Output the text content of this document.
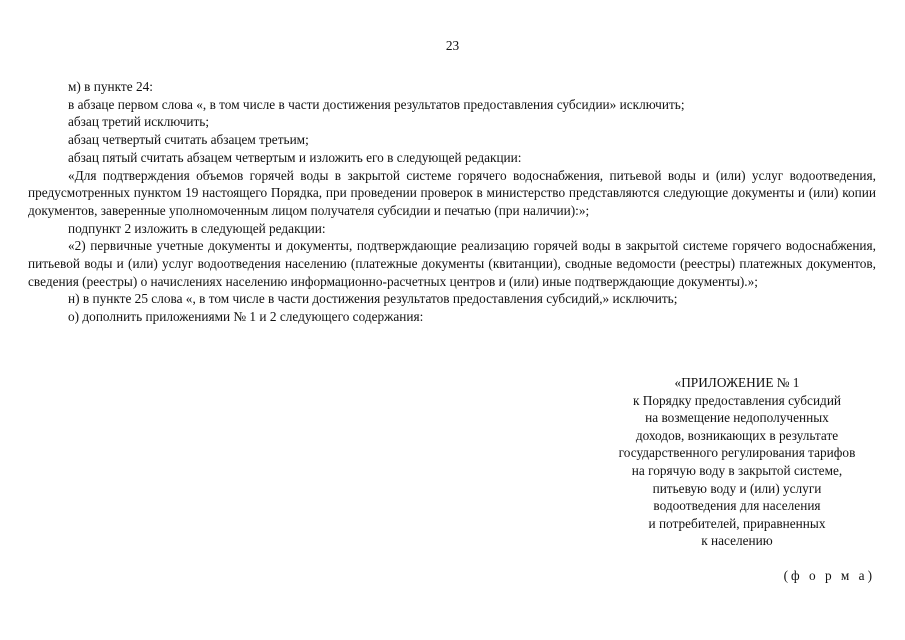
23

м) в пункте 24:

в абзаце первом слова «, в том числе в части достижения результатов предоставления субсидии» исключить;

абзац третий исключить;

абзац четвертый считать абзацем третьим;

абзац пятый считать абзацем четвертым и изложить его в следующей редакции:

«Для подтверждения объемов горячей воды в закрытой системе горячего водоснабжения, питьевой воды и (или) услуг водоотведения, предусмотренных пунктом 19 настоящего Порядка, при проведении проверок в министерство представляются следующие документы и (или) копии документов, заверенные уполномоченным лицом получателя субсидии и печатью (при наличии):»;

подпункт 2 изложить в следующей редакции:

«2) первичные учетные документы и документы, подтверждающие реализацию горячей воды в закрытой системе горячего водоснабжения, питьевой воды и (или) услуг водоотведения населению (платежные документы (квитанции), сводные ведомости (реестры) платежных документов, сведения (реестры) о начислениях населению информационно-расчетных центров и (или) иные подтверждающие документы).»;

н) в пункте 25 слова «, в том числе в части достижения результатов предоставления субсидий,» исключить;

о) дополнить приложениями № 1 и 2 следующего содержания:

«ПРИЛОЖЕНИЕ № 1
к Порядку предоставления субсидий
на возмещение недополученных
доходов, возникающих в результате
государственного регулирования тарифов
на горячую воду в закрытой системе,
питьевую воду и (или) услуги
водоотведения для населения
и потребителей, приравненных
к населению
(ф о р м а)
